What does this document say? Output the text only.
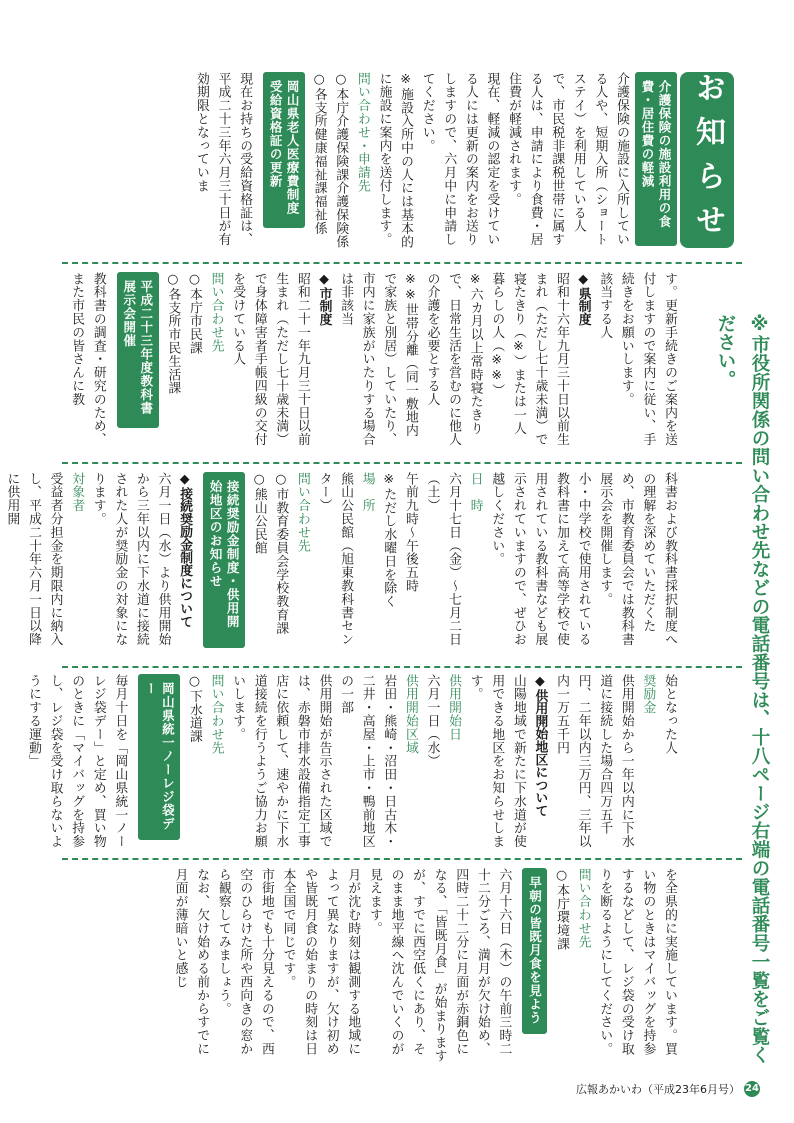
お知らせ
※市役所関係の問い合わせ先などの電話番号は、十八ページ右端の電話番号一覧をご覧ください。
介護保険の施設利用の食費・居住費の軽減

介護保険の施設に入所している人や、短期入所（ショートステイ）を利用している人で、市民税非課税世帯に属する人は、申請により食費・居住費が軽減されます。

現在、軽減の認定を受けている人には更新の案内をお送りしますので、六月中に申請してください。

※施設入所中の人には基本的に施設に案内を送付します。

問い合わせ・申請先

○本庁介護保険課介護保険係

○各支所健康福祉課福祉係

岡山県老人医療費制度受給資格証の更新

現在お持ちの受給資格証は、平成二十三年六月三十日が有効期限となっていま

す。更新手続きのご案内を送付しますので案内に従い、手続きをお願いします。

該当する人

◆県制度

昭和十六年九月三十日以前生まれ（ただし七十歳未満）で寝たきり（※）または一人暮らしの人（※※）

※六カ月以上常時寝たきりで、日常生活を営むのに他人の介護を必要とする人

※※世帯分離（同一敷地内で家族と別居）していたり、市内に家族がいたりする場合は非該当

◆市制度

昭和二十一年九月三十日以前生まれ（ただし七十歳未満）で身体障害者手帳四級の交付を受けている人

問い合わせ先

○本庁市民課

○各支所市民生活課

平成二十三年度教科書展示会開催

教科書の調査・研究のため、また市民の皆さんに教

科書および教科書採択制度への理解を深めていただくため、市教育委員会では教科書展示会を開催します。

小・中学校で使用されている教科書に加えて高等学校で使用されている教科書なども展示されていますので、ぜひお越しください。

日　時

六月十七日（金）～七月二日（土）

午前九時～午後五時

※ただし水曜日を除く

場　所

熊山公民館（旭東教科書センター）

問い合わせ先

○市教育委員会学校教育課

○熊山公民館

接続奨励金制度・供用開始地区のお知らせ

◆接続奨励金制度について

六月一日（水）より供用開始から三年以内に下水道に接続された人が奨励金の対象になります。

対象者

受益者分担金を期限内に納入し、平成二十年六月一日以降に供用開

始となった人

奨励金

供用開始から一年以内に下水道に接続した場合四万五千円、二年以内三万円、三年以内一万五千円

◆供用開始地区について

山陽地域で新たに下水道が使用できる地区をお知らせします。

供用開始日

六月一日（水）

供用開始区域

岩田・熊崎・沼田・日古木・二井・高屋・上市・鴨前地区の一部

供用開始が告示された区域では、赤磐市排水設備指定工事店に依頼して、速やかに下水道接続を行うようご協力お願いします。

問い合わせ先

○下水道課

岡山県統一ノーレジ袋デー

毎月十日を「岡山県統一ノーレジ袋デー」と定め、買い物のときに「マイバッグを持参し、レジ袋を受け取らないようにする運動」

を全県的に実施しています。買い物のときはマイバッグを持参するなどして、レジ袋の受け取りを断るようにしてください。

問い合わせ先

○本庁環境課

早朝の皆既月食を見よう

六月十六日（木）の午前三時二十二分ごろ、満月が欠け始め、四時二十二分に月面が赤銅色になる、「皆既月食」が始まりますが、すでに西空低くにあり、そのまま地平線へ沈んでいくのが見えます。

月が沈む時刻は観測する地域によって異なりますが、欠け初めや皆既月食の始まりの時刻は日本全国で同じです。

市街地でも十分見えるので、西空のひらけた所や西向きの窓から観察してみましょう。

なお、欠け始める前からすでに月面が薄暗いと感じ

広報あかいわ（平成23年6月号） 24
